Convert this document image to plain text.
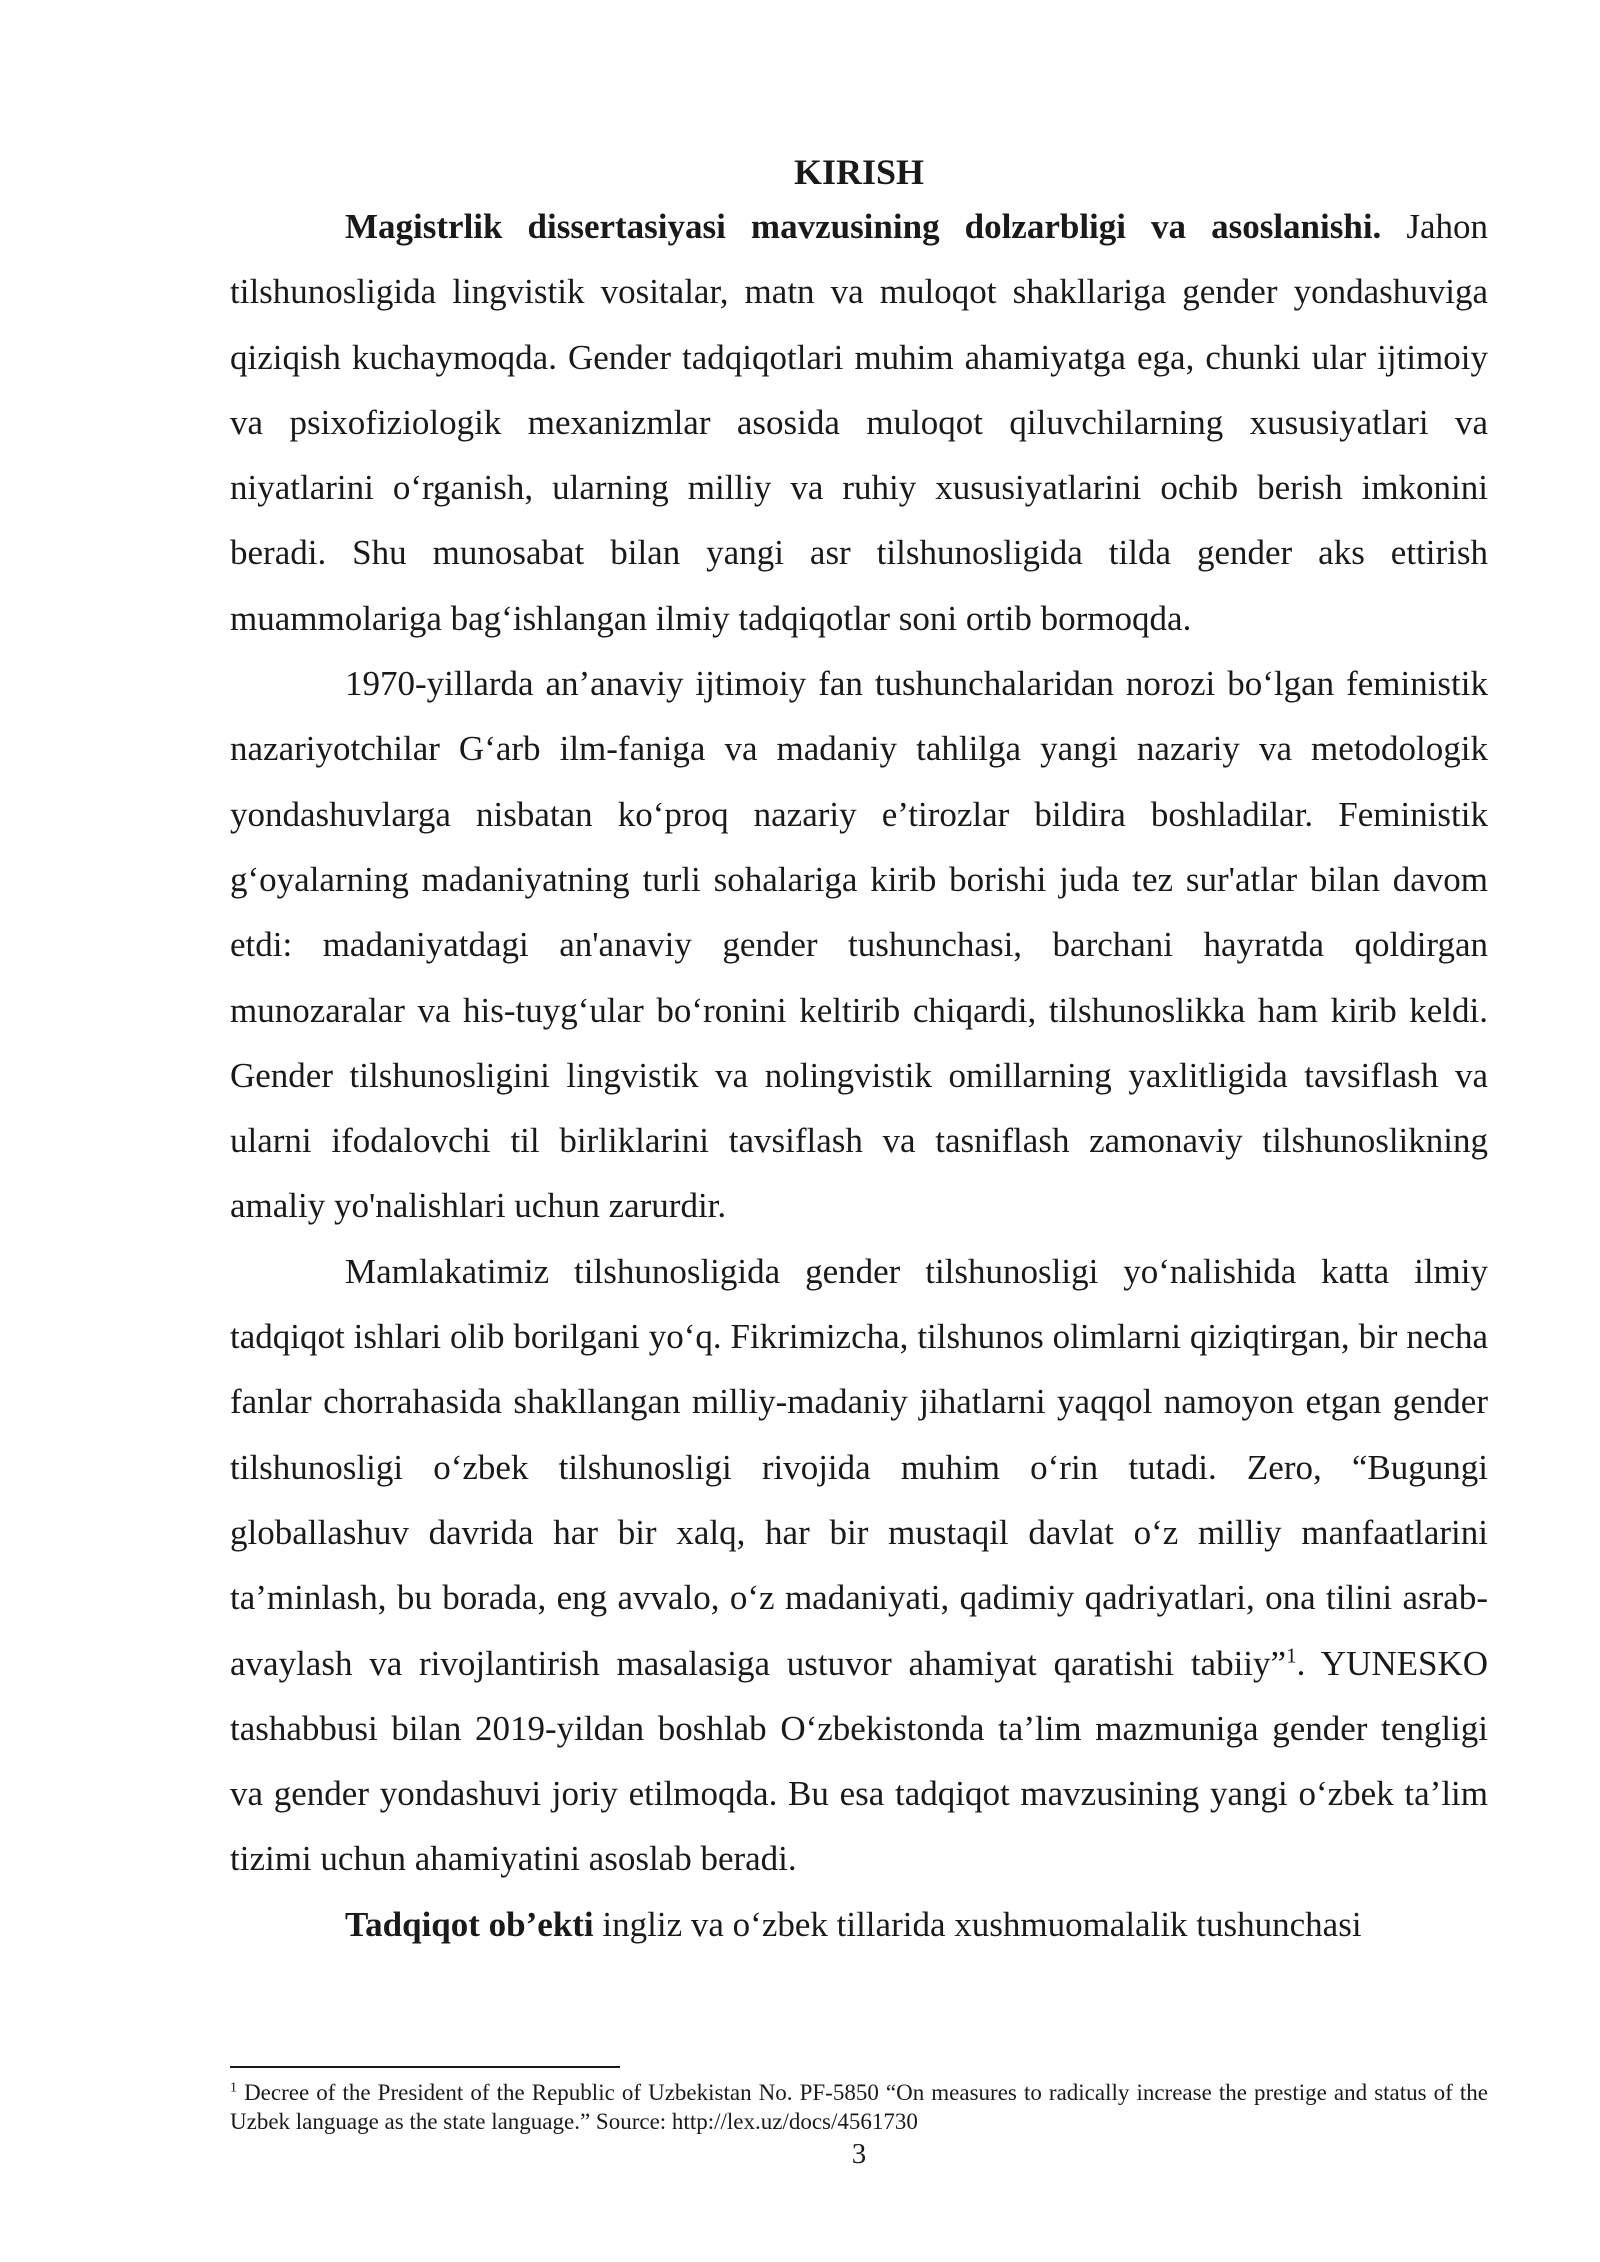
KIRISH

Magistrlik dissertasiyasi mavzusining dolzarbligi va asoslanishi. Jahon tilshunosligida lingvistik vositalar, matn va muloqot shakllariga gender yondashuviga qiziqish kuchaymoqda. Gender tadqiqotlari muhim ahamiyatga ega, chunki ular ijtimoiy va psixofiziologik mexanizmlar asosida muloqot qiluvchilarning xususiyatlari va niyatlarini o‘rganish, ularning milliy va ruhiy xususiyatlarini ochib berish imkonini beradi. Shu munosabat bilan yangi asr tilshunosligida tilda gender aks ettirish muammolariga bag‘ishlangan ilmiy tadqiqotlar soni ortib bormoqda.

1970-yillarda an’anaviy ijtimoiy fan tushunchalaridan norozi bo‘lgan feministik nazariyotchilar G‘arb ilm-faniga va madaniy tahlilga yangi nazariy va metodologik yondashuvlarga nisbatan ko‘proq nazariy e’tirozlar bildira boshladilar. Feministik g‘oyalarning madaniyatning turli sohalariga kirib borishi juda tez sur'atlar bilan davom etdi: madaniyatdagi an'anaviy gender tushunchasi, barchani hayratda qoldirgan munozaralar va his-tuyg‘ular bo‘ronini keltirib chiqardi, tilshunoslikka ham kirib keldi. Gender tilshunosligini lingvistik va nolingvistik omillarning yaxlitligida tavsiflash va ularni ifodalovchi til birliklarini tavsiflash va tasniflash zamonaviy tilshunoslikning amaliy yo'nalishlari uchun zarurdir.

Mamlakatimiz tilshunosligida gender tilshunosligi yo‘nalishida katta ilmiy tadqiqot ishlari olib borilgani yo‘q. Fikrimizcha, tilshunos olimlarni qiziqtirgan, bir necha fanlar chorrahasida shakllangan milliy-madaniy jihatlarni yaqqol namoyon etgan gender tilshunosligi o‘zbek tilshunosligi rivojida muhim o‘rin tutadi. Zero, “Bugungi globallashuv davrida har bir xalq, har bir mustaqil davlat o‘z milliy manfaatlarini ta’minlash, bu borada, eng avvalo, o‘z madaniyati, qadimiy qadriyatlari, ona tilini asrab-avaylash va rivojlantirish masalasiga ustuvor ahamiyat qaratishi tabiiy”$^1$. YUNESKO tashabbusi bilan 2019-yildan boshlab O‘zbekistonda ta’lim mazmuniga gender tengligi va gender yondashuvi joriy etilmoqda. Bu esa tadqiqot mavzusining yangi o‘zbek ta’lim tizimi uchun ahamiyatini asoslab beradi.

Tadqiqot ob’ekti ingliz va o‘zbek tillarida xushmuomalalik tushunchasi

$^1$ Decree of the President of the Republic of Uzbekistan No. PF-5850 “On measures to radically increase the prestige and status of the Uzbek language as the state language.” Source: http://lex.uz/docs/4561730

3
